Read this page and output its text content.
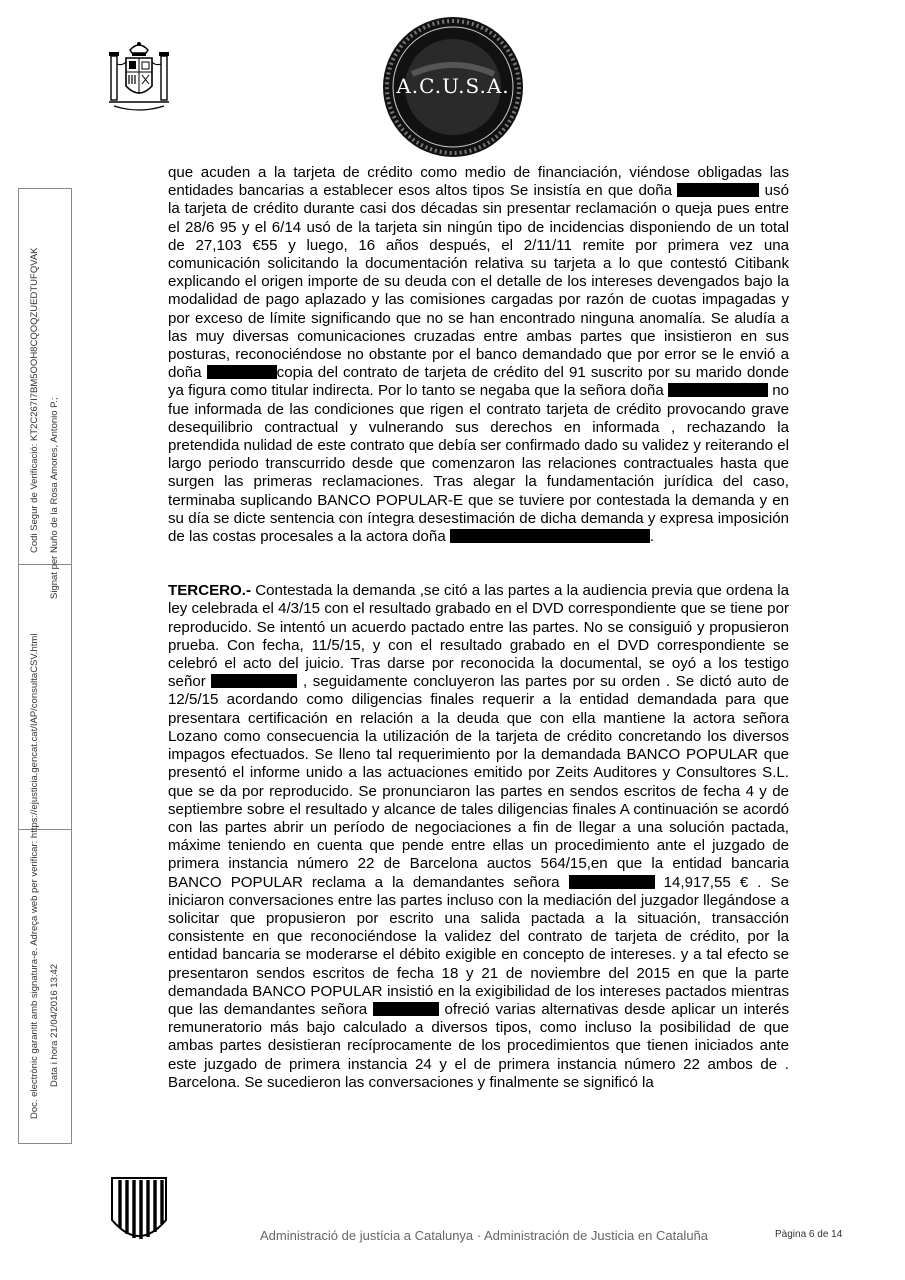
A.C.U.S.A.
Doc. electrònic garantit amb signatura-e. Adreça web per verificar: https://ejusticia.gencat.cat/IAP/consultaCSV.html
Codi Segur de Verificació: KT2C267I7BM5OOH8CQOQZUEDTUFQVAK
Data i hora 21/04/2016 13:42
Signat per Nuño de la Rosa Amores, Antonio P.;

que acuden a la tarjeta de crédito como medio de financiación, viéndose obligadas las entidades bancarias a establecer esos altos tipos Se insistía en que doña	usó la tarjeta de crédito durante casi dos décadas sin presentar reclamación o queja pues entre el 28/6 95 y el 6/14 usó de la tarjeta sin ningún tipo de incidencias disponiendo de un total de 27,103 €55 y luego, 16 años después, el 2/11/11 remite por primera vez una comunicación solicitando la documentación relativa su tarjeta a lo que contestó Citibank explicando el origen importe de su deuda con el detalle de los intereses devengados bajo la modalidad de pago aplazado y las comisiones cargadas por razón de cuotas impagadas y por exceso de límite significando que no se han encontrado ninguna anomalía. Se aludía a las muy diversas comunicaciones cruzadas entre ambas partes que insistieron en sus posturas, reconociéndose no obstante por el banco demandado que por error se le envió a doña	copia del contrato de tarjeta de crédito del 91 suscrito por su marido donde ya figura como titular indirecta. Por lo tanto se negaba que la señora doña	no fue informada de las condiciones que rigen el contrato tarjeta de crédito provocando grave desequilibrio contractual y vulnerando sus derechos en informada , rechazando la pretendida nulidad de este contrato que debía ser confirmado dado su validez y reiterando el largo periodo transcurrido desde que comenzaron las relaciones contractuales hasta que surgen las primeras reclamaciones. Tras alegar la fundamentación jurídica del caso, terminaba suplicando BANCO POPULAR-E que se tuviere por contestada la demanda y en su día se dicte sentencia con íntegra desestimación de dicha demanda y expresa imposición de las costas procesales a la actora doña	.

TERCERO.- Contestada la demanda ,se citó a las partes a la audiencia previa que ordena la ley celebrada el 4/3/15 con el resultado grabado en el DVD correspondiente que se tiene por reproducido. Se intentó un acuerdo pactado entre las partes. No se consiguió y propusieron prueba. Con fecha, 11/5/15, y con el resultado grabado en el DVD correspondiente se celebró el acto del juicio. Tras darse por reconocida la documental, se oyó a los testigo señor	, seguidamente concluyeron las partes por su orden . Se dictó auto de 12/5/15 acordando como diligencias finales requerir a la entidad demandada para que presentara certificación en relación a la deuda que con ella mantiene la actora señora Lozano como consecuencia la utilización de la tarjeta de crédito concretando los diversos impagos efectuados. Se lleno tal requerimiento por la demandada BANCO POPULAR que presentó el informe unido a las actuaciones emitido por Zeits Auditores y Consultores S.L. que se da por reproducido. Se pronunciaron las partes en sendos escritos de fecha 4 y de septiembre sobre el resultado y alcance de tales diligencias finales A continuación se acordó con las partes abrir un período de negociaciones a fin de llegar a una solución pactada, máxime teniendo en cuenta que pende entre ellas un procedimiento ante el juzgado de primera instancia número 22 de Barcelona auctos 564/15,en que la entidad bancaria BANCO POPULAR reclama a la demandantes señora	14,917,55 € . Se iniciaron conversaciones entre las partes incluso con la mediación del juzgador llegándose a solicitar que propusieron por escrito una salida pactada a la situación, transacción consistente en que reconociéndose la validez del contrato de tarjeta de crédito, por la entidad bancaria se moderarse el débito exigible en concepto de intereses. y a tal efecto se presentaron sendos escritos de fecha 18 y 21 de noviembre del 2015 en que la parte demandada BANCO POPULAR insistió en la exigibilidad de los intereses pactados mientras que las demandantes señora	ofreció varias alternativas desde aplicar un interés remuneratorio más bajo calculado a diversos tipos, como incluso la posibilidad de que ambas partes desistieran recíprocamente de los procedimientos que tienen iniciados ante este juzgado de primera instancia 24 y el de primera instancia número 22 ambos de . Barcelona. Se sucedieron las conversaciones y finalmente se significó la

Administració de justícia a Catalunya · Administración de Justicia en Cataluña	Pàgina 6 de 14
